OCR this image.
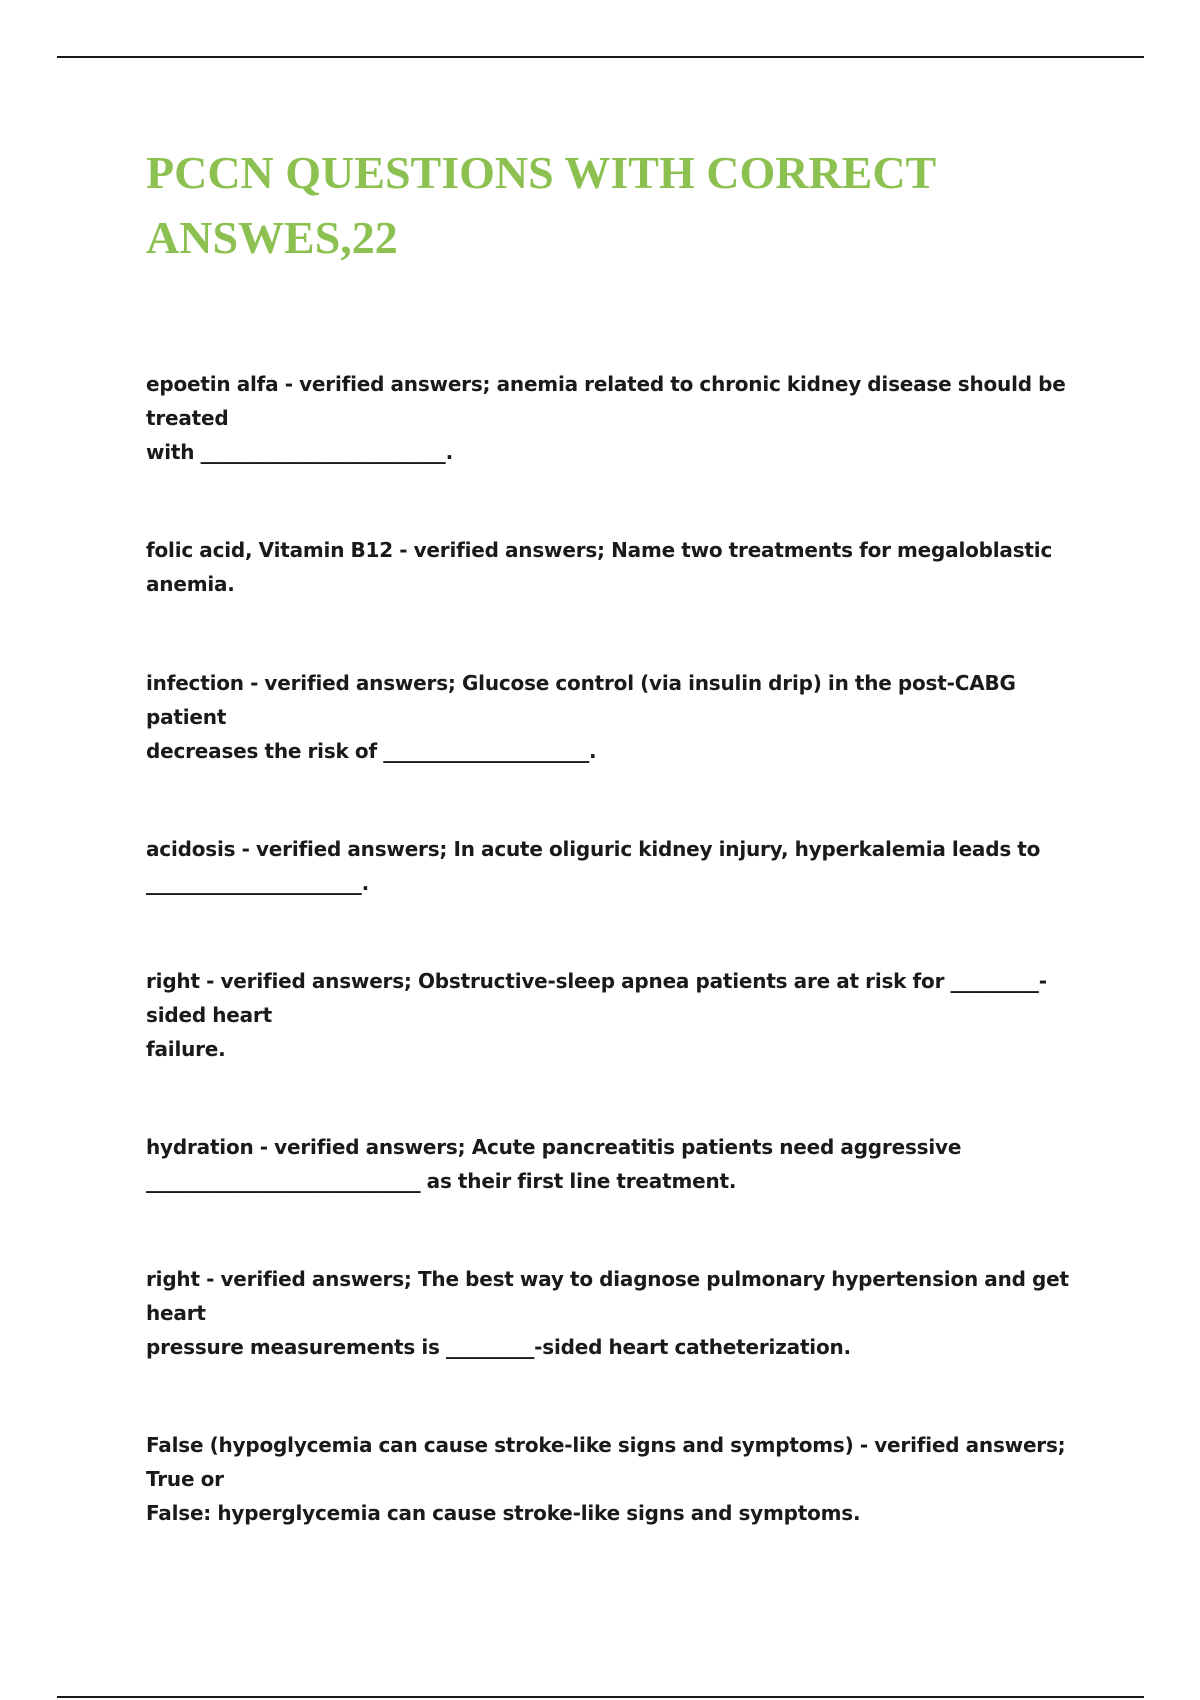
PCCN QUESTIONS WITH CORRECT ANSWES,22
epoetin alfa - verified answers; anemia related to chronic kidney disease should be treated
with _________________________.
folic acid, Vitamin B12 - verified answers; Name two treatments for megaloblastic anemia.
infection - verified answers; Glucose control (via insulin drip) in the post-CABG patient
decreases the risk of _____________________.
acidosis - verified answers; In acute oliguric kidney injury, hyperkalemia leads to
______________________.
right - verified answers; Obstructive-sleep apnea patients are at risk for _________-sided heart
failure.
hydration - verified answers; Acute pancreatitis patients need aggressive
____________________________ as their first line treatment.
right - verified answers; The best way to diagnose pulmonary hypertension and get heart
pressure measurements is _________-sided heart catheterization.
False (hypoglycemia can cause stroke-like signs and symptoms) - verified answers; True or
False: hyperglycemia can cause stroke-like signs and symptoms.
